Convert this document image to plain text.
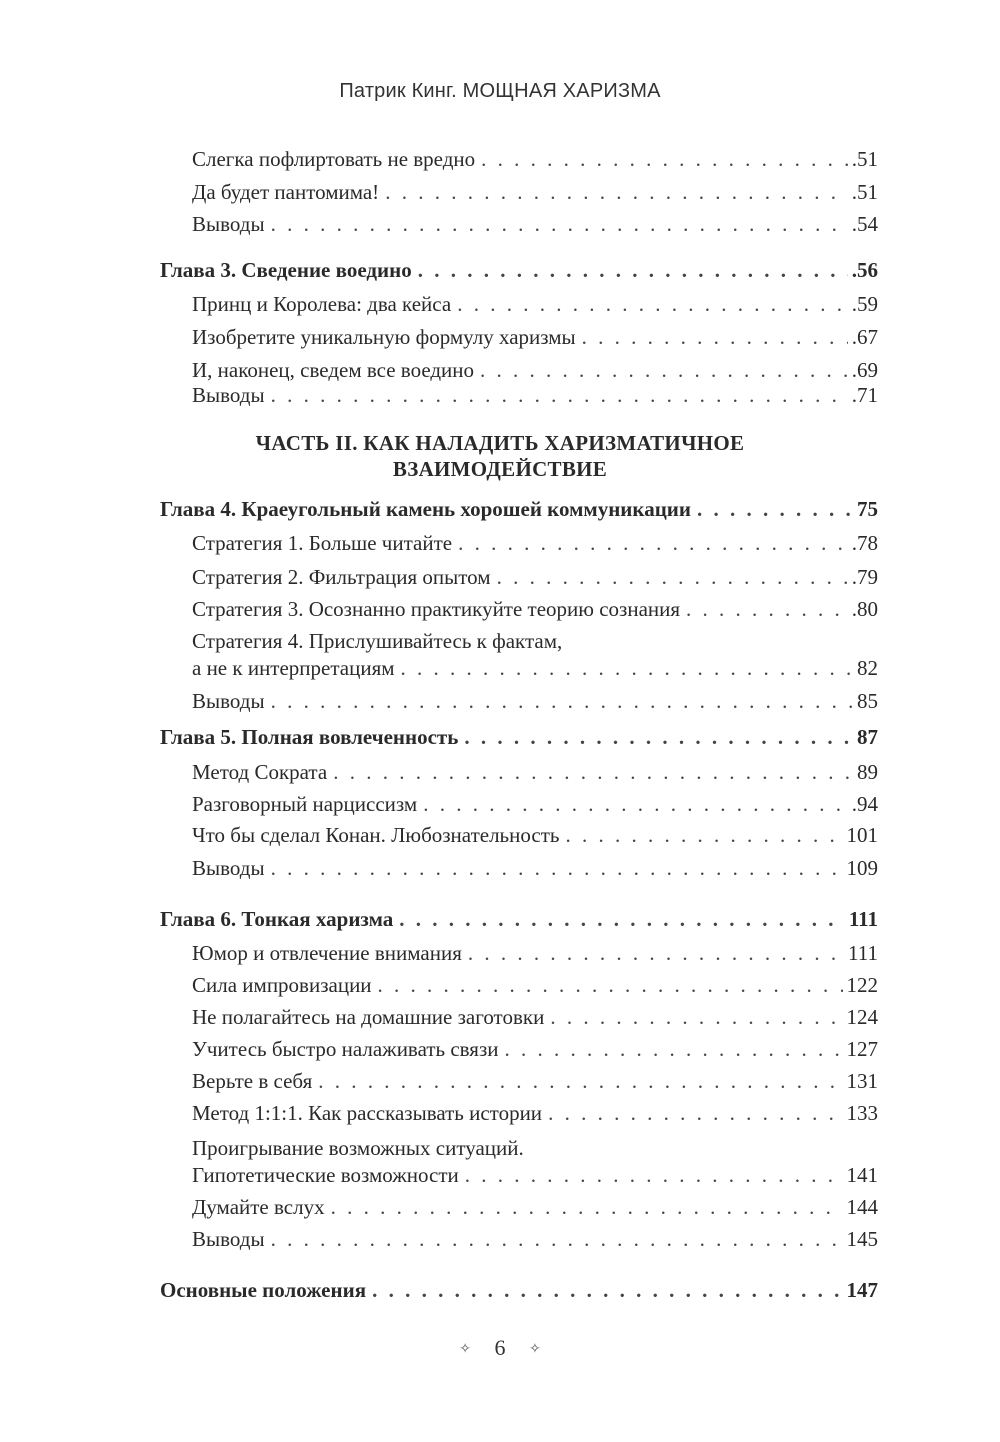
Патрик Кинг. МОЩНАЯ ХАРИЗМА
Слегка пофлиртовать не вредно . . .	.51
Да будет пантомима! . . .	.51
Выводы . . .	.54
Глава 3. Сведение воедино . . .	.56
Принц и Королева: два кейса . . .	.59
Изобретите уникальную формулу харизмы . . .	.67
И, наконец, сведем все воедино . . .	.69
Выводы . . .	.71
ЧАСТЬ II. КАК НАЛАДИТЬ ХАРИЗМАТИЧНОЕ
ВЗАИМОДЕЙСТВИЕ
Глава 4. Краеугольный камень хорошей коммуникации . . .	75
Стратегия 1. Больше читайте . . .	.78
Стратегия 2. Фильтрация опытом . . .	.79
Стратегия 3. Осознанно практикуйте теорию сознания . . .	.80
Стратегия 4. Прислушивайтесь к фактам,
а не к интерпретациям . . .	82
Выводы . . .	85
Глава 5. Полная вовлеченность . . .	87
Метод Сократа . . .	89
Разговорный нарциссизм . . .	.94
Что бы сделал Конан. Любознательность . . .	101
Выводы . . .	109
Глава 6. Тонкая харизма . . .	111
Юмор и отвлечение внимания . . .	111
Сила импровизации . . .	122
Не полагайтесь на домашние заготовки . . .	124
Учитесь быстро налаживать связи . . .	127
Верьте в себя . . .	131
Метод 1:1:1. Как рассказывать истории . . .	133
Проигрывание возможных ситуаций.
Гипотетические возможности . . .	141
Думайте вслух . . .	144
Выводы . . .	145
Основные положения . . .	147
✧ 6 ✧
